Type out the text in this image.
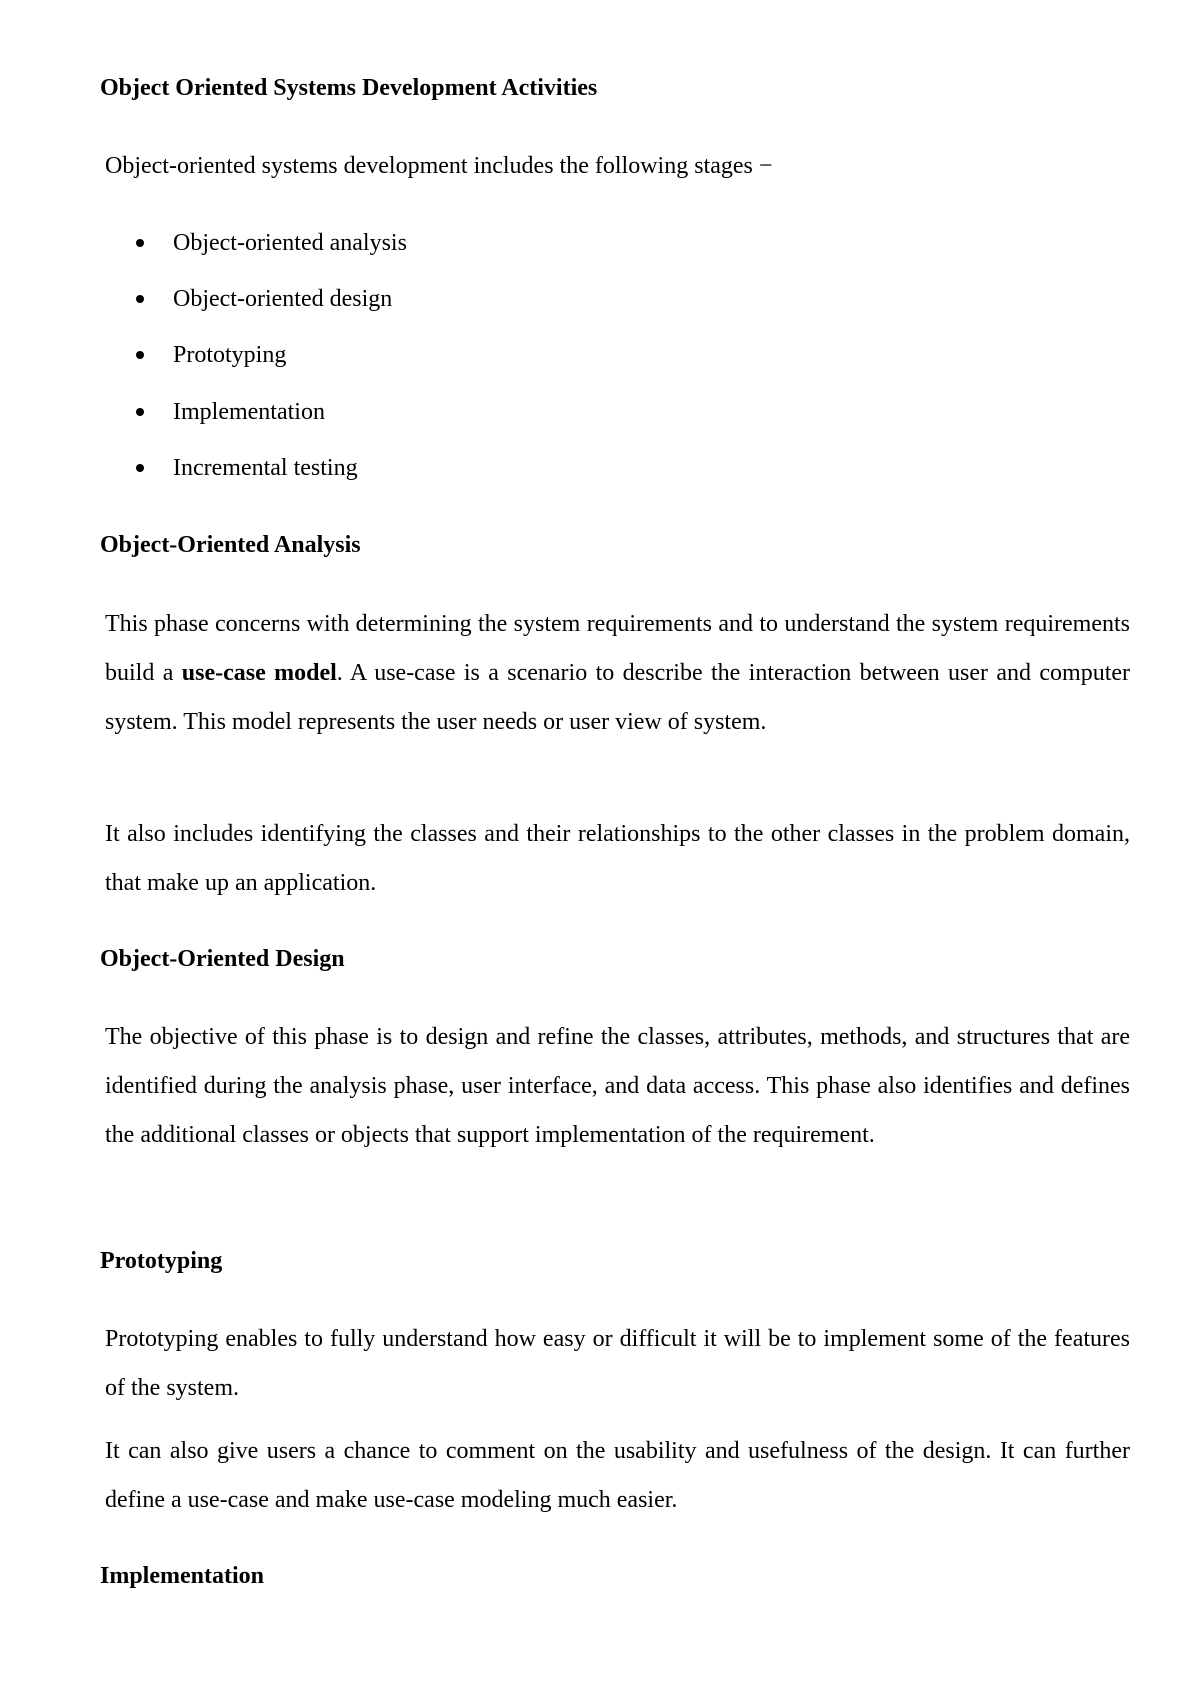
Object Oriented Systems Development Activities

Object-oriented systems development includes the following stages −

Object-oriented analysis
Object-oriented design
Prototyping
Implementation
Incremental testing
Object-Oriented Analysis

This phase concerns with determining the system requirements and to understand the system requirements build a use-case model. A use-case is a scenario to describe the interaction between user and computer system. This model represents the user needs or user view of system.

It also includes identifying the classes and their relationships to the other classes in the problem domain, that make up an application.

Object-Oriented Design

The objective of this phase is to design and refine the classes, attributes, methods, and structures that are identified during the analysis phase, user interface, and data access. This phase also identifies and defines the additional classes or objects that support implementation of the requirement.

Prototyping

Prototyping enables to fully understand how easy or difficult it will be to implement some of the features of the system.

It can also give users a chance to comment on the usability and usefulness of the design. It can further define a use-case and make use-case modeling much easier.

Implementation
